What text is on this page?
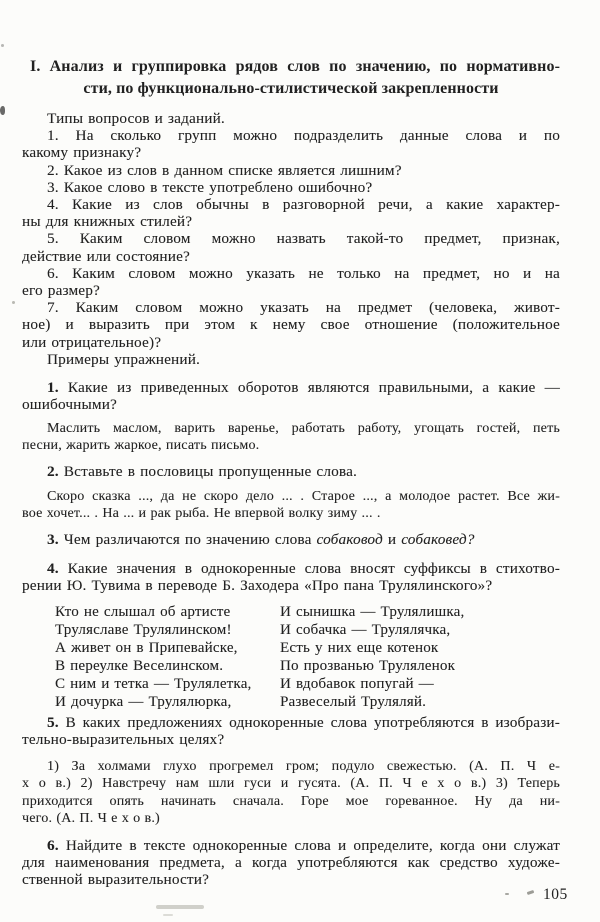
I. Анализ и группировка рядов слов по значению, по нормативно-
сти, по функционально-стилистической закрепленности
Типы вопросов и заданий.
1. На сколько групп можно подразделить данные слова и по
какому признаку?
2. Какое из слов в данном списке является лишним?
3. Какое слово в тексте употреблено ошибочно?
4. Какие из слов обычны в разговорной речи, а какие характер-
ны для книжных стилей?
5. Каким словом можно назвать такой-то предмет, признак,
действие или состояние?
6. Каким словом можно указать не только на предмет, но и на
его размер?
7. Каким словом можно указать на предмет (человека, живот-
ное) и выразить при этом к нему свое отношение (положительное
или отрицательное)?
Примеры упражнений.
1. Какие из приведенных оборотов являются правильными, а какие —
ошибочными?
Маслить маслом, варить варенье, работать работу, угощать гостей, петь
песни, жарить жаркое, писать письмо.
2. Вставьте в пословицы пропущенные слова.
Скоро сказка ..., да не скоро дело ... . Старое ..., а молодое растет. Все жи-
вое хочет... . На ... и рак рыба. Не впервой волку зиму ... .
3. Чем различаются по значению слова собаковод и собаковед?
4. Какие значения в однокоренные слова вносят суффиксы в стихотво-
рении Ю. Тувима в переводе Б. Заходера «Про пана Трулялинского»?
Кто не слышал об артисте
Труляславе Трулялинском!
А живет он в Припевайске,
В переулке Веселинском.
С ним и тетка — Трулялетка,
И дочурка — Трулялюрка,
И сынишка — Трулялишка,
И собачка — Трулялячка,
Есть у них еще котенок
По прозванью Труляленок
И вдобавок попугай —
Развеселый Труляляй.
5. В каких предложениях однокоренные слова употребляются в изобрази-
тельно-выразительных целях?
1) За холмами глухо прогремел гром; подуло свежестью. (А. П. Ч е-
х о в.) 2) Навстречу нам шли гуси и гусята. (А. П. Ч е х о в.) 3) Теперь
приходится опять начинать сначала. Горе мое гореванное. Ну да ни-
чего. (А. П. Ч е х о в.)
6. Найдите в тексте однокоренные слова и определите, когда они служат
для наименования предмета, а когда употребляются как средство художе-
ственной выразительности?
105
